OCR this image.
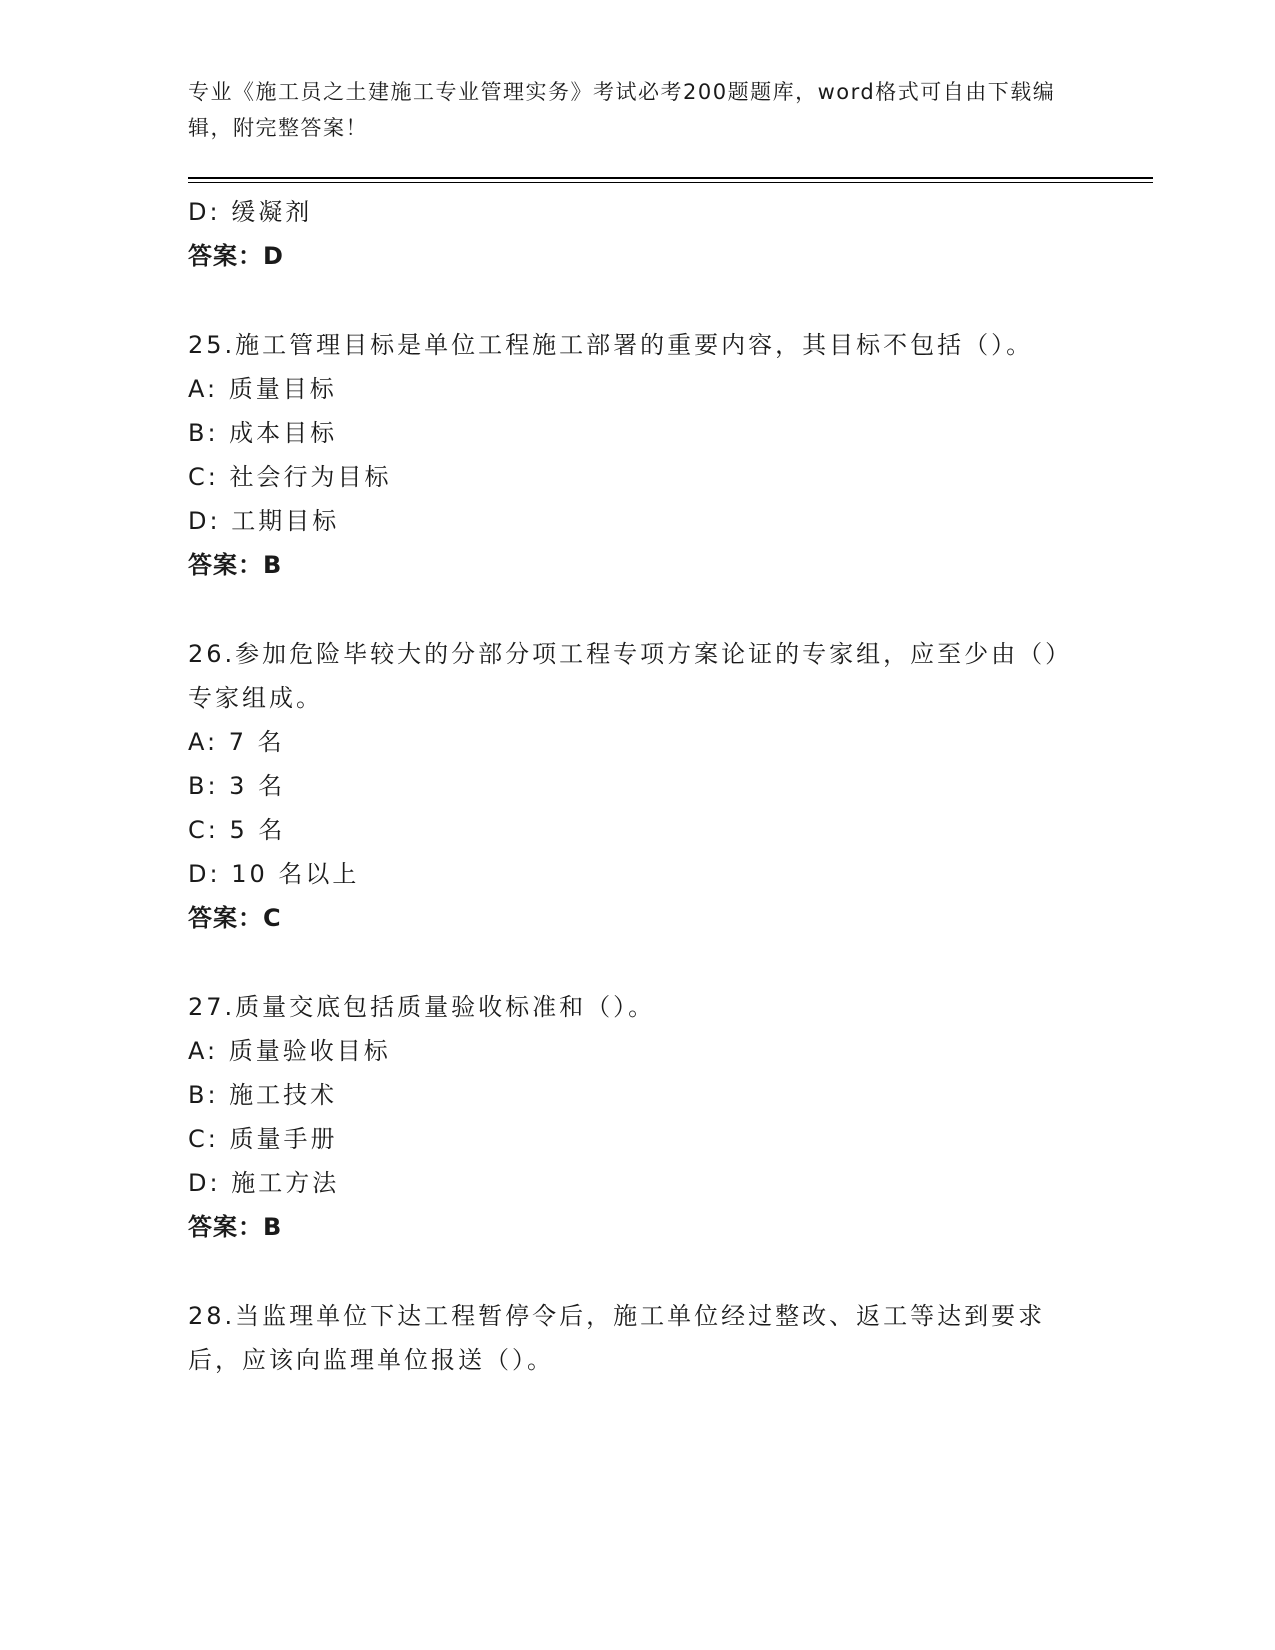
专业《施工员之土建施工专业管理实务》考试必考200题题库，word格式可自由下载编辑，附完整答案！
D: 缓凝剂
答案：D
25.施工管理目标是单位工程施工部署的重要内容，其目标不包括（）。
A: 质量目标
B: 成本目标
C: 社会行为目标
D: 工期目标
答案：B
26.参加危险毕较大的分部分项工程专项方案论证的专家组，应至少由（）专家组成。
A: 7 名
B: 3 名
C: 5 名
D: 10 名以上
答案：C
27.质量交底包括质量验收标准和（）。
A: 质量验收目标
B: 施工技术
C: 质量手册
D: 施工方法
答案：B
28.当监理单位下达工程暂停令后，施工单位经过整改、返工等达到要求后，应该向监理单位报送（）。
